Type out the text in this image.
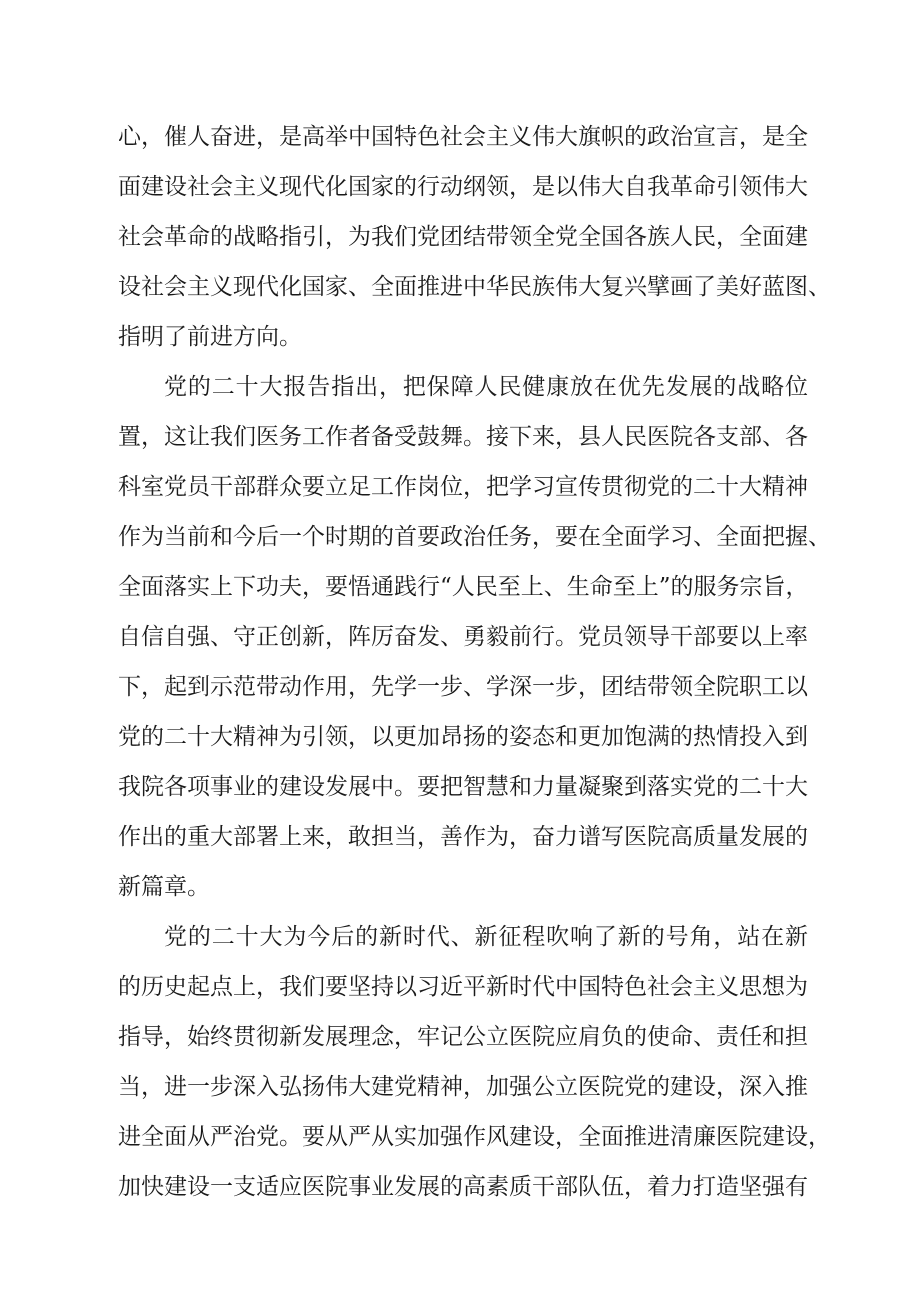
心，催人奋进，是高举中国特色社会主义伟大旗帜的政治宣言，是全
面建设社会主义现代化国家的行动纲领，是以伟大自我革命引领伟大
社会革命的战略指引，为我们党团结带领全党全国各族人民，全面建
设社会主义现代化国家、全面推进中华民族伟大复兴擘画了美好蓝图、
指明了前进方向。
党的二十大报告指出，把保障人民健康放在优先发展的战略位
置，这让我们医务工作者备受鼓舞。接下来，县人民医院各支部、各
科室党员干部群众要立足工作岗位，把学习宣传贯彻党的二十大精神
作为当前和今后一个时期的首要政治任务，要在全面学习、全面把握、
全面落实上下功夫，要悟通践行“人民至上、生命至上”的服务宗旨，
自信自强、守正创新，阵厉奋发、勇毅前行。党员领导干部要以上率
下，起到示范带动作用，先学一步、学深一步，团结带领全院职工以
党的二十大精神为引领，以更加昂扬的姿态和更加饱满的热情投入到
我院各项事业的建设发展中。要把智慧和力量凝聚到落实党的二十大
作出的重大部署上来，敢担当，善作为，奋力谱写医院高质量发展的
新篇章。
党的二十大为今后的新时代、新征程吹响了新的号角，站在新
的历史起点上，我们要坚持以习近平新时代中国特色社会主义思想为
指导，始终贯彻新发展理念，牢记公立医院应肩负的使命、责任和担
当，进一步深入弘扬伟大建党精神，加强公立医院党的建设，深入推
进全面从严治党。要从严从实加强作风建设，全面推进清廉医院建设，
加快建设一支适应医院事业发展的高素质干部队伍，着力打造坚强有
